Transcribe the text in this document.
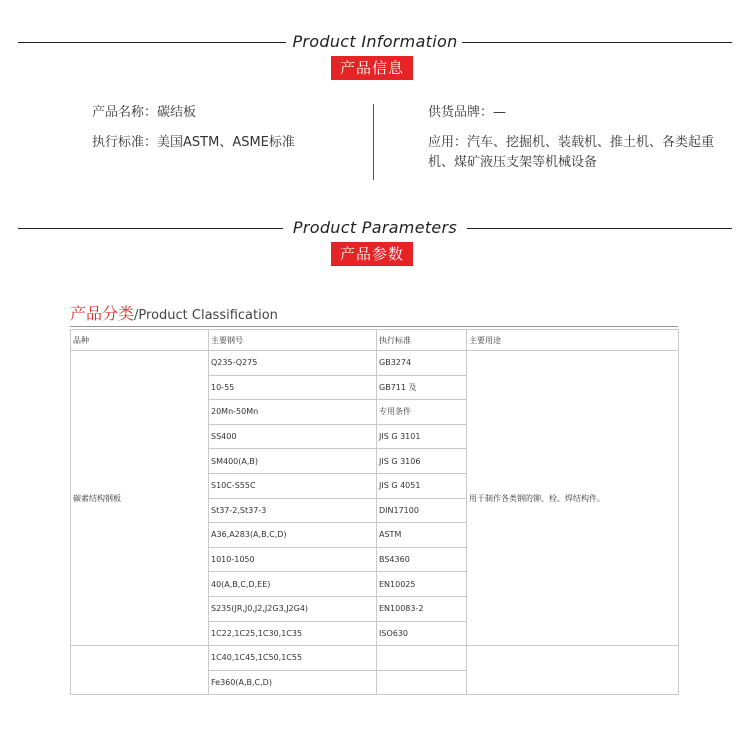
Product Information
产品信息
产品名称：碳结板
执行标准：美国ASTM、ASME标准
供货品牌：—
应用：汽车、挖掘机、装载机、推土机、各类起重机、煤矿液压支架等机械设备
Product Parameters
产品参数
产品分类/Product Classification
品种	主要钢号	执行标准	主要用途
碳素结构钢板	Q235-Q275	GB3274	用于制作各类钢的铆、栓、焊结构件。
	10-55	GB711 及	
	20Mn-50Mn	专用条件	
	SS400	JIS G 3101	
	SM400(A,B)	JIS G 3106	
	S10C-S55C	JIS G 4051	
	St37-2,St37-3	DIN17100	
	A36,A283(A,B,C,D)	ASTM	
	1010-1050	BS4360	
	40(A,B,C,D,EE)	EN10025	
	S235(JR,J0,J2,J2G3,J2G4)	EN10083-2	
	1C22,1C25,1C30,1C35	ISO630	
	1C40,1C45,1C50,1C55		
	Fe360(A,B,C,D)		
